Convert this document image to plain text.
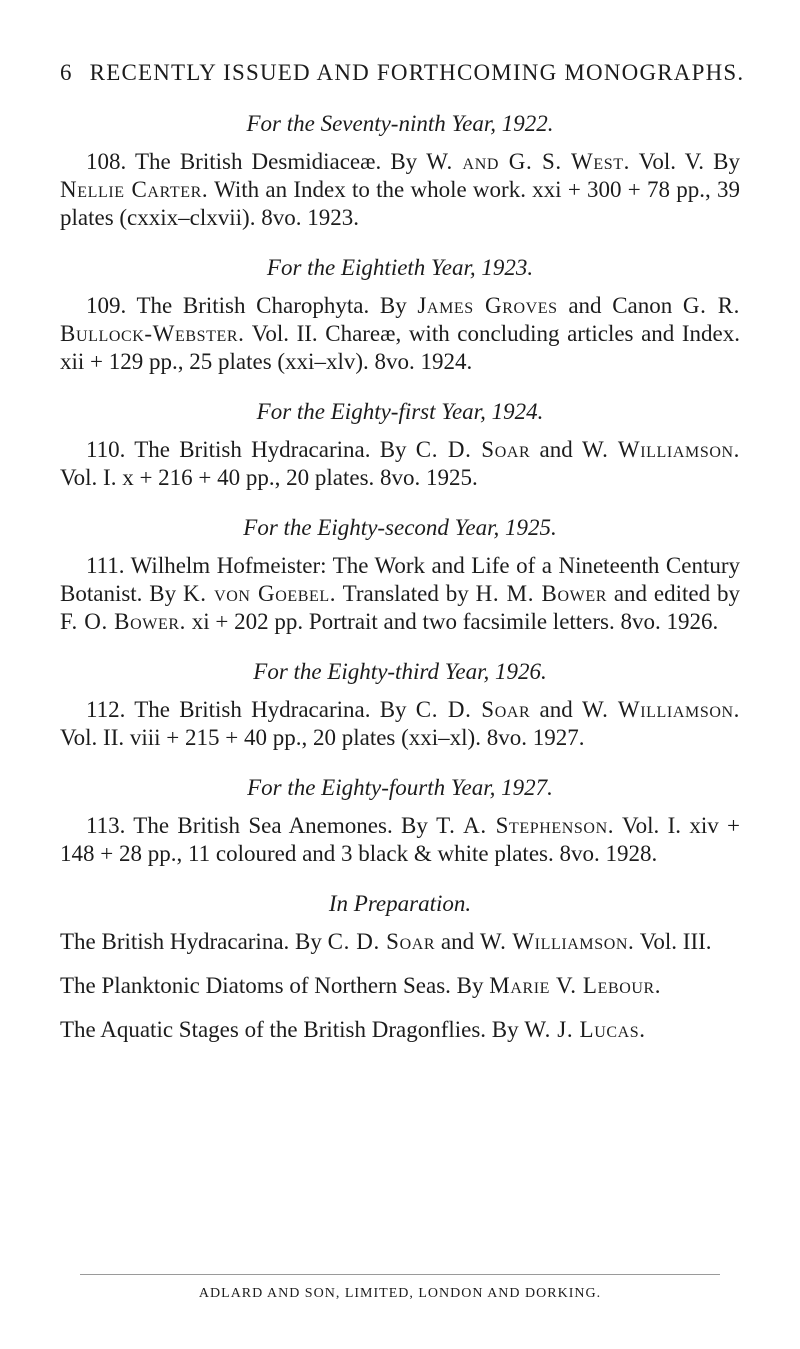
6 RECENTLY ISSUED AND FORTHCOMING MONOGRAPHS.
For the Seventy-ninth Year, 1922.

108. The British Desmidiaceæ. By W. and G. S. West. Vol. V. By Nellie Carter. With an Index to the whole work. xxi + 300 + 78 pp., 39 plates (cxxix–clxvii). 8vo. 1923.

For the Eightieth Year, 1923.

109. The British Charophyta. By James Groves and Canon G. R. Bullock-Webster. Vol. II. Chareæ, with concluding articles and Index. xii + 129 pp., 25 plates (xxi–xlv). 8vo. 1924.

For the Eighty-first Year, 1924.

110. The British Hydracarina. By C. D. Soar and W. Williamson. Vol. I. x + 216 + 40 pp., 20 plates. 8vo. 1925.

For the Eighty-second Year, 1925.

111. Wilhelm Hofmeister: The Work and Life of a Nineteenth Century Botanist. By K. von Goebel. Translated by H. M. Bower and edited by F. O. Bower. xi + 202 pp. Portrait and two facsimile letters. 8vo. 1926.

For the Eighty-third Year, 1926.

112. The British Hydracarina. By C. D. Soar and W. Williamson. Vol. II. viii + 215 + 40 pp., 20 plates (xxi–xl). 8vo. 1927.

For the Eighty-fourth Year, 1927.

113. The British Sea Anemones. By T. A. Stephenson. Vol. I. xiv + 148 + 28 pp., 11 coloured and 3 black & white plates. 8vo. 1928.

In Preparation.

The British Hydracarina. By C. D. Soar and W. Williamson. Vol. III.

The Planktonic Diatoms of Northern Seas. By Marie V. Lebour.

The Aquatic Stages of the British Dragonflies. By W. J. Lucas.

ADLARD AND SON, LIMITED, LONDON AND DORKING.
